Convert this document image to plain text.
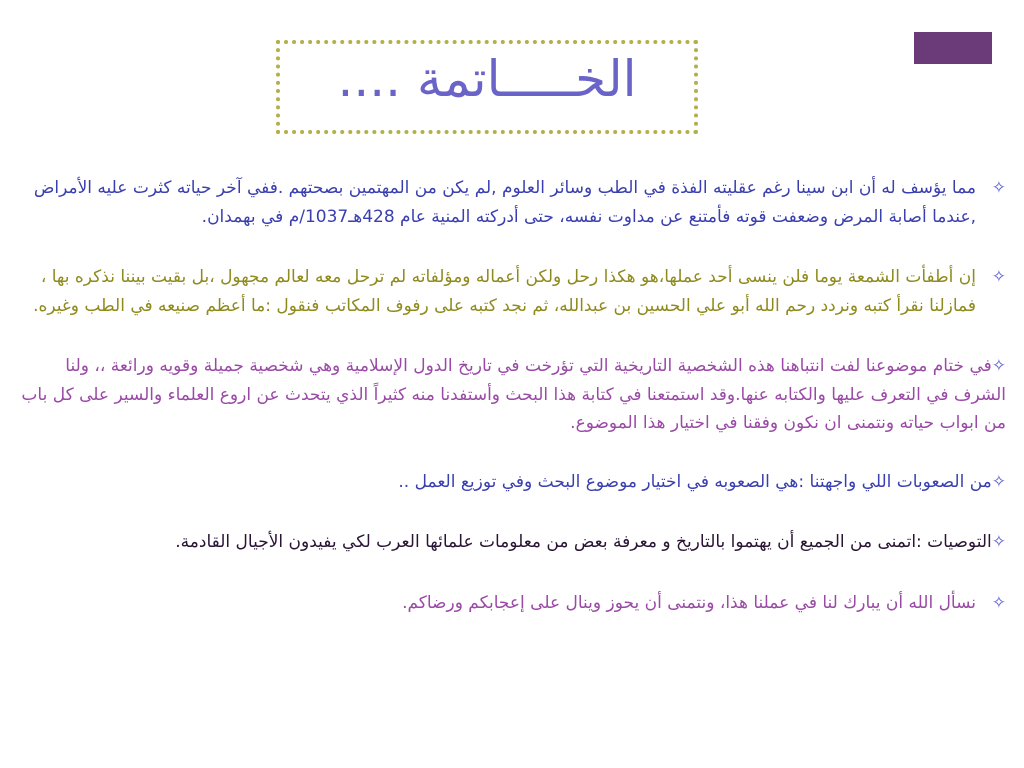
الخـــــاتمة ....

✧
مما يؤسف له أن ابن سينا رغم عقليته الفذة في الطب وسائر العلوم ,لم يكن من المهتمين بصحتهم .ففي آخر حياته كثرت عليه الأمراض ,عندما أصابة المرض وضعفت قوته فأمتنع عن مداوت نفسه، حتى أدركته المنية عام 428هـ1037/م في بهمدان.

✧
إن أطفأت الشمعة يوما فلن ينسى أحد عملها،هو هكذا رحل ولكن أعماله ومؤلفاته لم ترحل معه لعالم مجهول ،بل بقيت بيننا نذكره بها ، فمازلنا نقرأ كتبه ونردد رحم الله أبو علي الحسين بن عبدالله، ثم نجد كتبه على رفوف المكاتب فنقول :ما أعظم صنيعه في الطب وغيره.

✧في ختام موضوعنا لفت انتباهنا هذه الشخصية التاريخية التي تؤرخت في تاريخ الدول الإسلامية وهي شخصية جميلة وقويه ورائعة ،، ولنا الشرف في التعرف عليها والكتابه عنها.وقد استمتعنا في كتابة هذا البحث وأستفدنا منه كثيراً الذي يتحدث عن اروع العلماء والسير على كل باب من ابواب حياته ونتمنى ان نكون وفقنا في اختيار هذا الموضوع.

✧من الصعوبات اللي واجهتنا :هي الصعوبه في اختيار موضوع البحث وفي توزيع العمل ..

✧التوصيات :اتمنى من الجميع أن يهتموا بالتاريخ و معرفة بعض من معلومات علمائها العرب لكي يفيدون الأجيال القادمة.

✧
نسأل الله أن يبارك لنا في عملنا هذا، ونتمنى أن يحوز وينال على إعجابكم ورضاكم.
